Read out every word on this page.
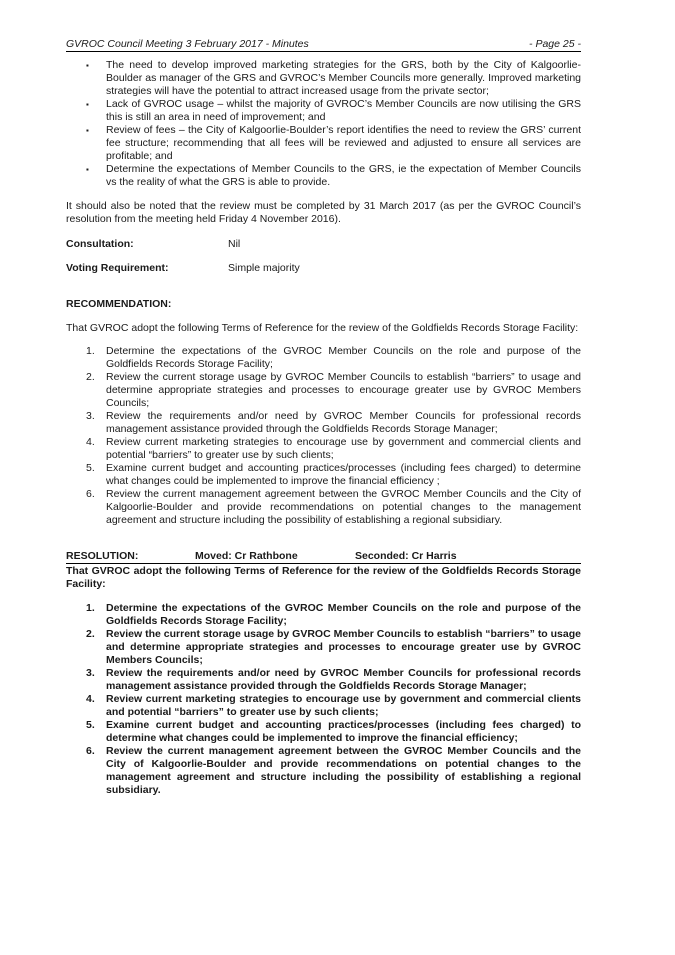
GVROC Council Meeting 3 February 2017 - Minutes	- Page 25 -
▪ The need to develop improved marketing strategies for the GRS, both by the City of Kalgoorlie-Boulder as manager of the GRS and GVROC’s Member Councils more generally. Improved marketing strategies will have the potential to attract increased usage from the private sector;
▪ Lack of GVROC usage – whilst the majority of GVROC’s Member Councils are now utilising the GRS this is still an area in need of improvement; and
▪ Review of fees – the City of Kalgoorlie-Boulder’s report identifies the need to review the GRS’ current fee structure; recommending that all fees will be reviewed and adjusted to ensure all services are profitable; and
▪ Determine the expectations of Member Councils to the GRS, ie the expectation of Member Councils vs the reality of what the GRS is able to provide.

It should also be noted that the review must be completed by 31 March 2017 (as per the GVROC Council’s resolution from the meeting held Friday 4 November 2016).

Consultation:	Nil
Voting Requirement:	Simple majority
RECOMMENDATION:

That GVROC adopt the following Terms of Reference for the review of the Goldfields Records Storage Facility:

1. Determine the expectations of the GVROC Member Councils on the role and purpose of the Goldfields Records Storage Facility;
2. Review the current storage usage by GVROC Member Councils to establish “barriers” to usage and determine appropriate strategies and processes to encourage greater use by GVROC Members Councils;
3. Review the requirements and/or need by GVROC Member Councils for professional records management assistance provided through the Goldfields Records Storage Manager;
4. Review current marketing strategies to encourage use by government and commercial clients and potential “barriers” to greater use by such clients;
5. Examine current budget and accounting practices/processes (including fees charged) to determine what changes could be implemented to improve the financial efficiency ;
6. Review the current management agreement between the GVROC Member Councils and the City of Kalgoorlie-Boulder and provide recommendations on potential changes to the management agreement and structure including the possibility of establishing a regional subsidiary.
RESOLUTION:	Moved: Cr Rathbone	Seconded: Cr Harris

That GVROC adopt the following Terms of Reference for the review of the Goldfields Records Storage Facility:

1. Determine the expectations of the GVROC Member Councils on the role and purpose of the Goldfields Records Storage Facility;
2. Review the current storage usage by GVROC Member Councils to establish “barriers” to usage and determine appropriate strategies and processes to encourage greater use by GVROC Members Councils;
3. Review the requirements and/or need by GVROC Member Councils for professional records management assistance provided through the Goldfields Records Storage Manager;
4. Review current marketing strategies to encourage use by government and commercial clients and potential “barriers” to greater use by such clients;
5. Examine current budget and accounting practices/processes (including fees charged) to determine what changes could be implemented to improve the financial efficiency;
6. Review the current management agreement between the GVROC Member Councils and the City of Kalgoorlie-Boulder and provide recommendations on potential changes to the management agreement and structure including the possibility of establishing a regional subsidiary.
